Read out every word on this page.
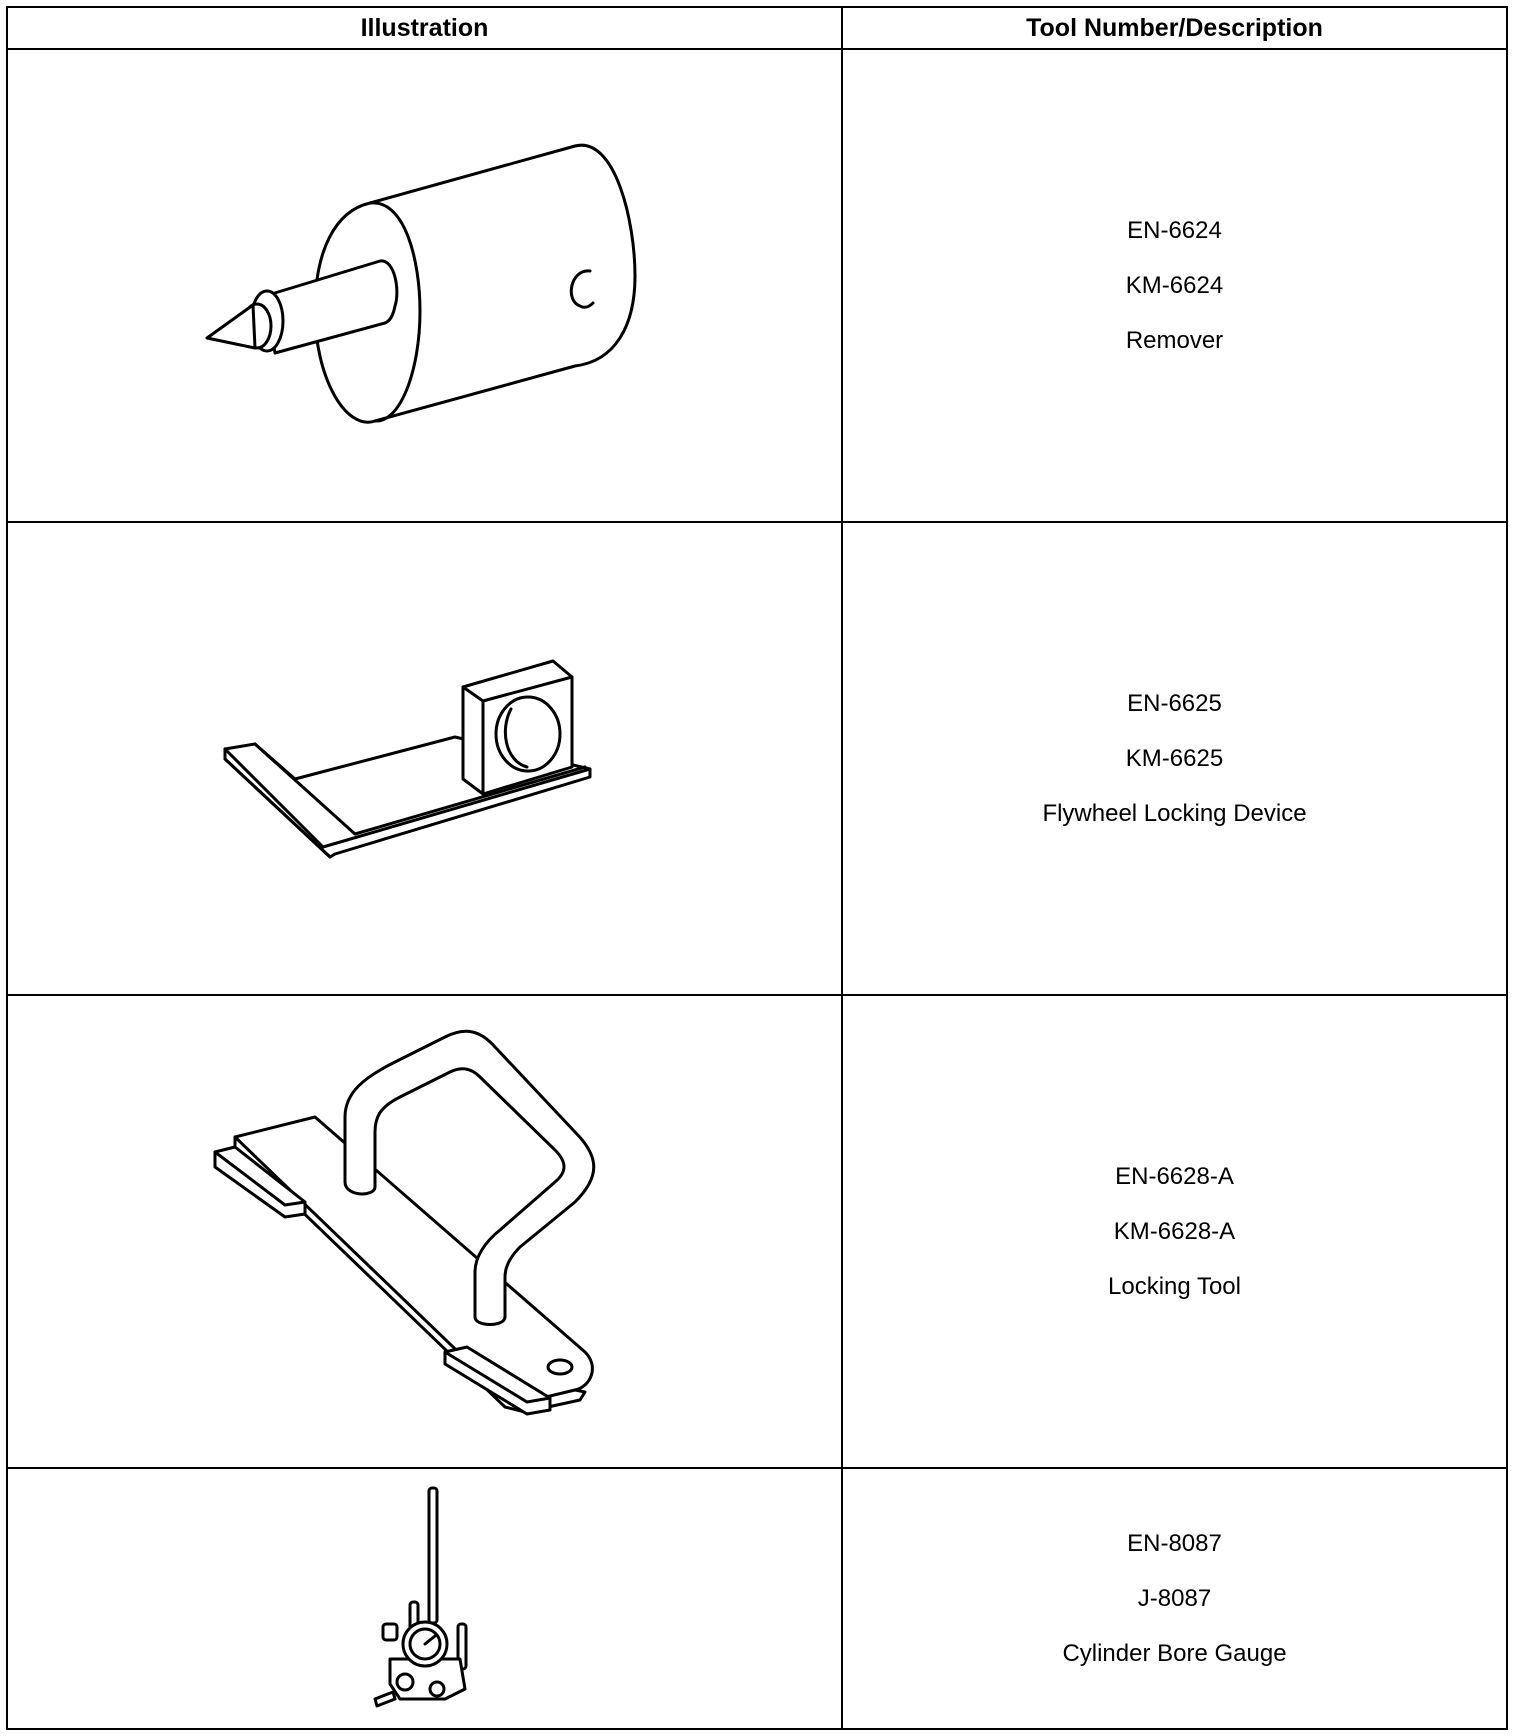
Illustration	Tool Number/Description

EN-6624
KM-6624
Remover

EN-6625
KM-6625
Flywheel Locking Device

EN-6628-A
KM-6628-A
Locking Tool

EN-8087
J-8087
Cylinder Bore Gauge
